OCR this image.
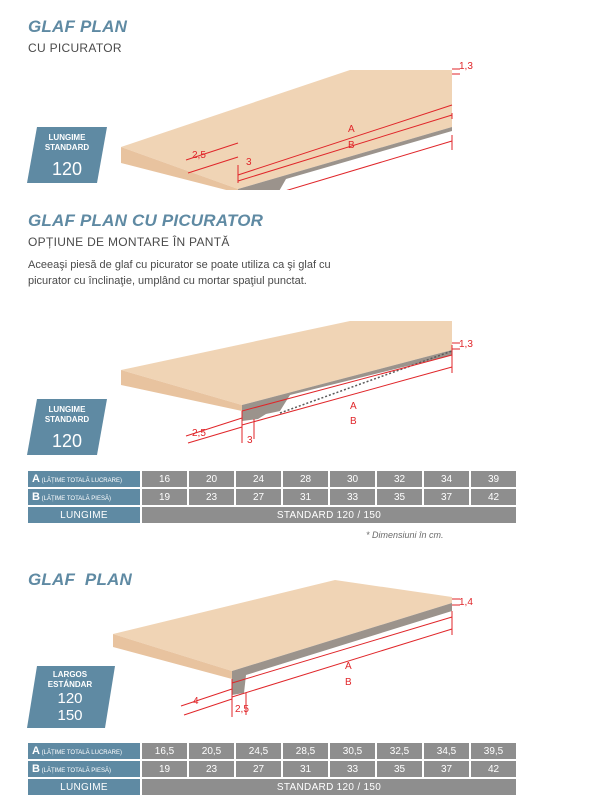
GLAF PLAN
CU PICURATOR
1,3
A
B
2,5
3
LUNGIME
STANDARD
120
GLAF PLAN CU PICURATOR
OPȚIUNE DE MONTARE ÎN PANTĂ
Aceeaşi piesă de glaf cu picurator se poate utiliza ca şi glaf cu picurator cu înclinaţie, umplând cu mortar spaţiul punctat.
1,3
A
B
2,5
3
LUNGIME
STANDARD
120
A (LĂȚIME TOTALĂ LUCRARE)	16	20	24	28	30	32	34	39
B (LĂȚIME TOTALĂ PIESĂ)	19	23	27	31	33	35	37	42
LUNGIME	STANDARD 120 / 150							
* Dimensiuni în cm.
GLAF  PLAN
1,4
A
B
4
2,5
LARGOS
ESTÁNDAR
120
150
A (LĂȚIME TOTALĂ LUCRARE)	16,5	20,5	24,5	28,5	30,5	32,5	34,5	39,5
B (LĂȚIME TOTALĂ PIESĂ)	19	23	27	31	33	35	37	42
LUNGIME	STANDARD 120 / 150							
